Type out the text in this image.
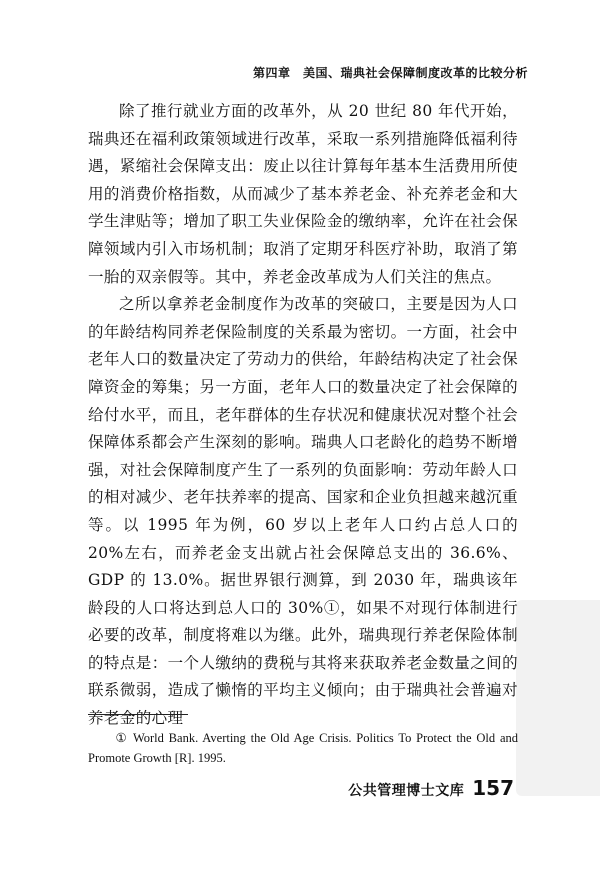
第四章　美国、瑞典社会保障制度改革的比较分析

除了推行就业方面的改革外，从 20 世纪 80 年代开始，瑞典还在福利政策领域进行改革，采取一系列措施降低福利待遇，紧缩社会保障支出：废止以往计算每年基本生活费用所使用的消费价格指数，从而减少了基本养老金、补充养老金和大学生津贴等；增加了职工失业保险金的缴纳率，允许在社会保障领域内引入市场机制；取消了定期牙科医疗补助，取消了第一胎的双亲假等。其中，养老金改革成为人们关注的焦点。

之所以拿养老金制度作为改革的突破口，主要是因为人口的年龄结构同养老保险制度的关系最为密切。一方面，社会中老年人口的数量决定了劳动力的供给，年龄结构决定了社会保障资金的筹集；另一方面，老年人口的数量决定了社会保障的给付水平，而且，老年群体的生存状况和健康状况对整个社会保障体系都会产生深刻的影响。瑞典人口老龄化的趋势不断增强，对社会保障制度产生了一系列的负面影响：劳动年龄人口的相对减少、老年扶养率的提高、国家和企业负担越来越沉重等。以 1995 年为例，60 岁以上老年人口约占总人口的 20%左右，而养老金支出就占社会保障总支出的 36.6%、GDP 的 13.0%。据世界银行测算，到 2030 年，瑞典该年龄段的人口将达到总人口的 30%①，如果不对现行体制进行必要的改革，制度将难以为继。此外，瑞典现行养老保险体制的特点是：一个人缴纳的费税与其将来获取养老金数量之间的联系微弱，造成了懒惰的平均主义倾向；由于瑞典社会普遍对养老金的心理

① World Bank. Averting the Old Age Crisis. Politics To Protect the Old and Promote Growth [R]. 1995.

公共管理博士文库 157
